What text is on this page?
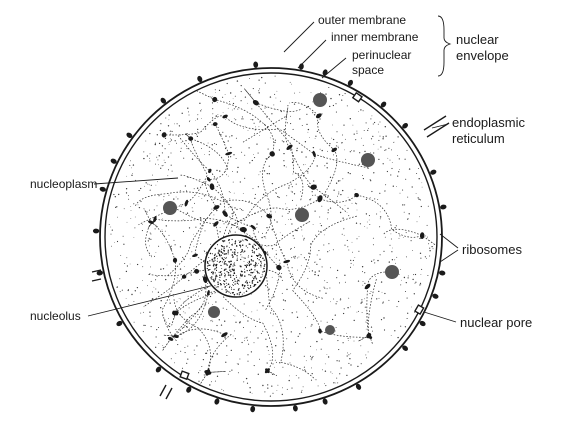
outer membrane
inner membrane
perinuclear
space
nuclear
envelope
endoplasmic
reticulum
nucleoplasm
ribosomes
nucleolus	nuclear pore
